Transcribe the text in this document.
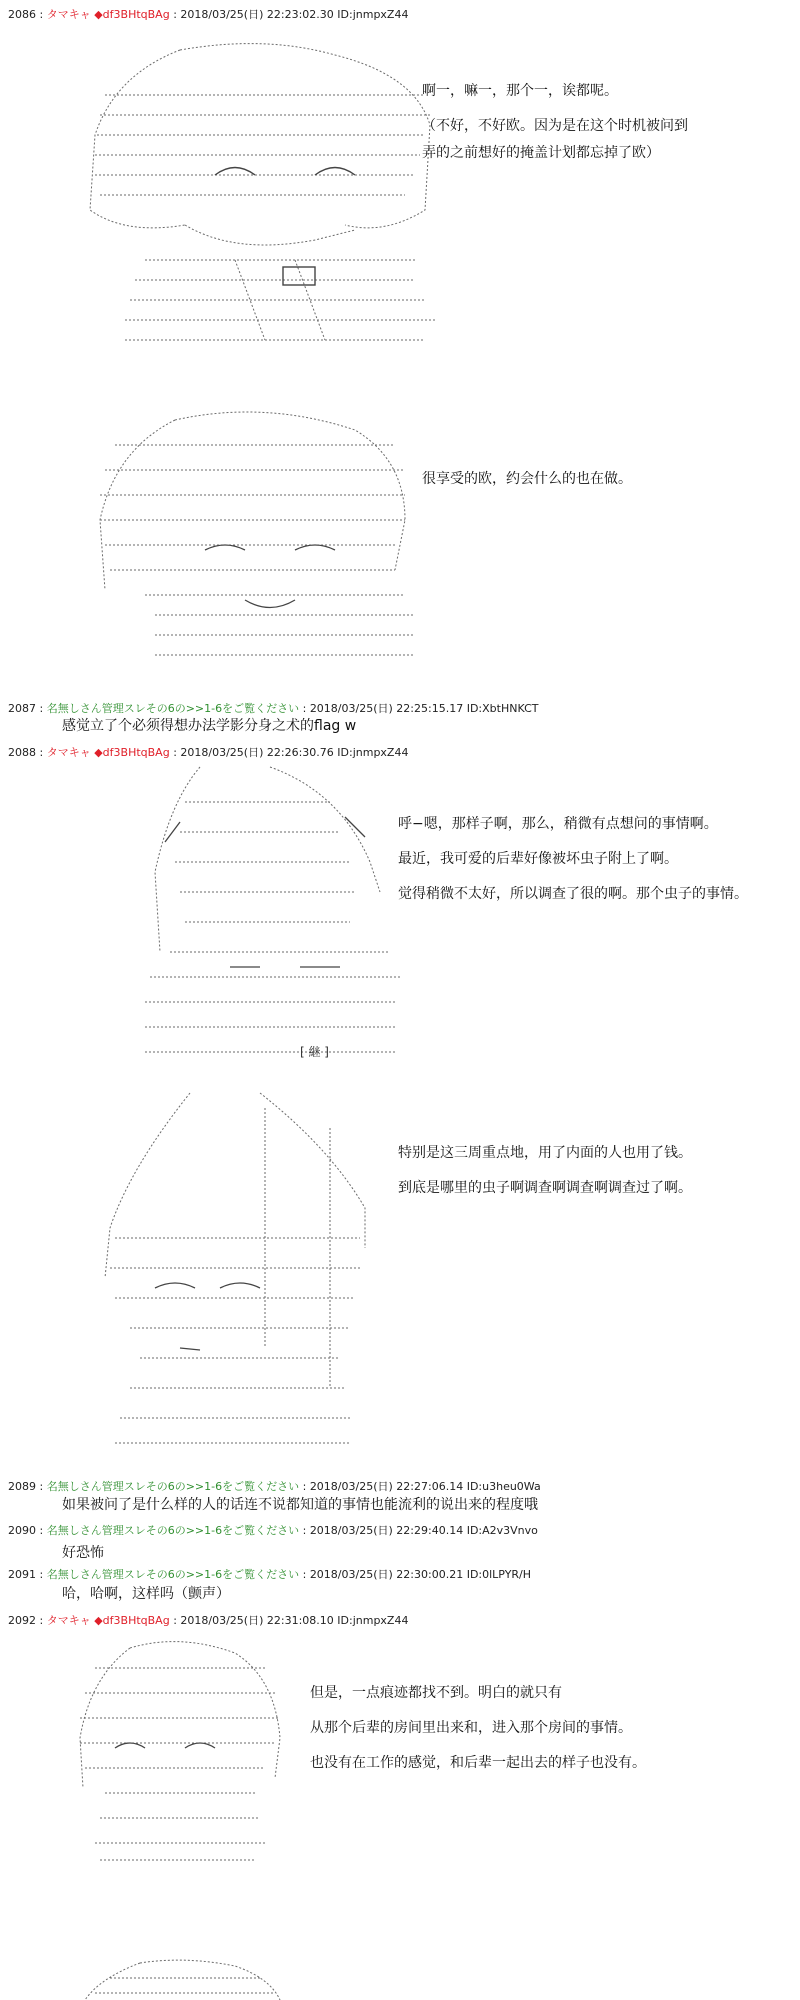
2086 : タマキャ ◆df3BHtqBAg : 2018/03/25(日) 22:23:02.30 ID:jnmpxZ44

啊一，嘛一，那个一，诶都呢。

（不好，不好欧。因为是在这个时机被问到

弄的之前想好的掩盖计划都忘掉了欧）

很享受的欧，约会什么的也在做。

2087 : 名無しさん管理スレその6の>>1-6をご覧ください : 2018/03/25(日) 22:25:15.17 ID:XbtHNKCT
感觉立了个必须得想办法学影分身之术的flag w
2088 : タマキャ ◆df3BHtqBAg : 2018/03/25(日) 22:26:30.76 ID:jnmpxZ44
[ 継 ]

呼−嗯，那样子啊，那么，稍微有点想问的事情啊。

最近，我可爱的后辈好像被坏虫子附上了啊。

觉得稍微不太好，所以调查了很的啊。那个虫子的事情。

特别是这三周重点地，用了内面的人也用了钱。

到底是哪里的虫子啊调查啊调查啊调查过了啊。

2089 : 名無しさん管理スレその6の>>1-6をご覧ください : 2018/03/25(日) 22:27:06.14 ID:u3heu0Wa
如果被问了是什么样的人的话连不说都知道的事情也能流利的说出来的程度哦
2090 : 名無しさん管理スレその6の>>1-6をご覧ください : 2018/03/25(日) 22:29:40.14 ID:A2v3Vnvo
好恐怖
2091 : 名無しさん管理スレその6の>>1-6をご覧ください : 2018/03/25(日) 22:30:00.21 ID:0lLPYR/H
哈，哈啊，这样吗（颤声）
2092 : タマキャ ◆df3BHtqBAg : 2018/03/25(日) 22:31:08.10 ID:jnmpxZ44

但是，一点痕迹都找不到。明白的就只有

从那个后辈的房间里出来和，进入那个房间的事情。

也没有在工作的感觉，和后辈一起出去的样子也没有。
